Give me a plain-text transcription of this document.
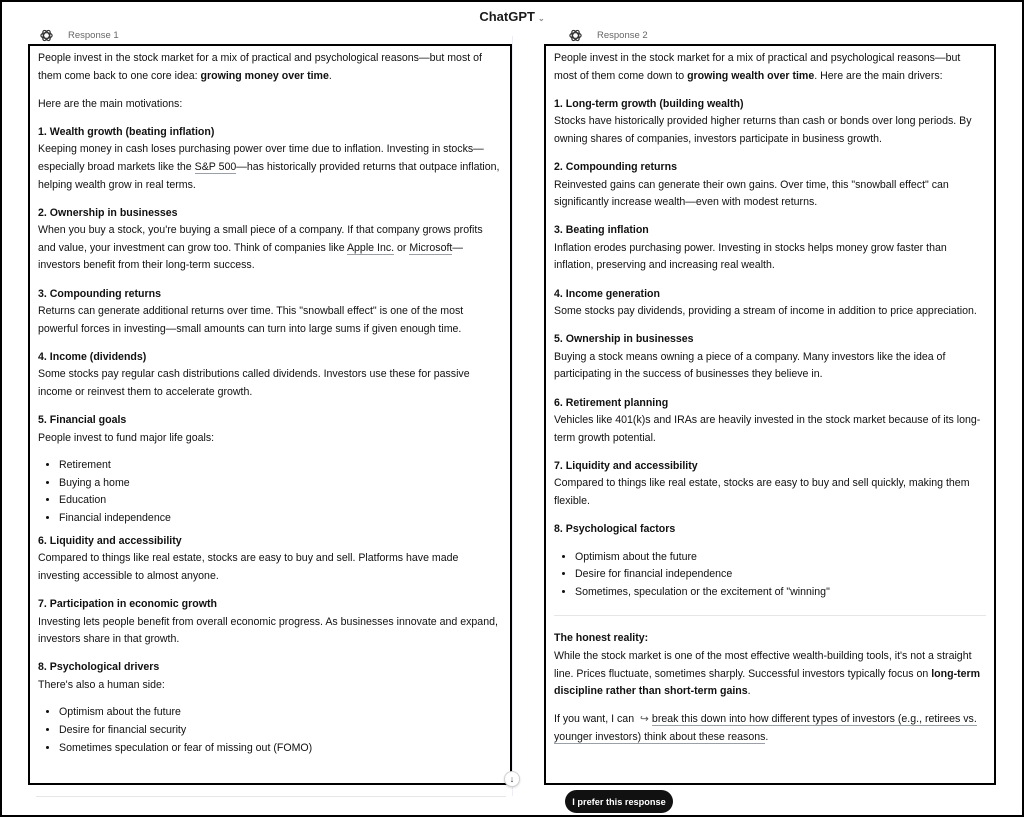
ChatGPT ⌄
Response 1	Response 2

People invest in the stock market for a mix of practical and psychological reasons—but most of them come back to one core idea: growing money over time.

Here are the main motivations:

1. Wealth growth (beating inflation)
Keeping money in cash loses purchasing power over time due to inflation. Investing in stocks—especially broad markets like the S&P 500—has historically provided returns that outpace inflation, helping wealth grow in real terms.

2. Ownership in businesses
When you buy a stock, you're buying a small piece of a company. If that company grows profits and value, your investment can grow too. Think of companies like Apple Inc. or Microsoft—investors benefit from their long-term success.

3. Compounding returns
Returns can generate additional returns over time. This "snowball effect" is one of the most powerful forces in investing—small amounts can turn into large sums if given enough time.

4. Income (dividends)
Some stocks pay regular cash distributions called dividends. Investors use these for passive income or reinvest them to accelerate growth.

5. Financial goals
People invest to fund major life goals:

• Retirement
• Buying a home
• Education
• Financial independence

6. Liquidity and accessibility
Compared to things like real estate, stocks are easy to buy and sell. Platforms have made investing accessible to almost anyone.

7. Participation in economic growth
Investing lets people benefit from overall economic progress. As businesses innovate and expand, investors share in that growth.

8. Psychological drivers
There's also a human side:

• Optimism about the future
• Desire for financial security
• Sometimes speculation or fear of missing out (FOMO)

People invest in the stock market for a mix of practical and psychological reasons—but most of them come down to growing wealth over time. Here are the main drivers:

1. Long-term growth (building wealth)
Stocks have historically provided higher returns than cash or bonds over long periods. By owning shares of companies, investors participate in business growth.

2. Compounding returns
Reinvested gains can generate their own gains. Over time, this "snowball effect" can significantly increase wealth—even with modest returns.

3. Beating inflation
Inflation erodes purchasing power. Investing in stocks helps money grow faster than inflation, preserving and increasing real wealth.

4. Income generation
Some stocks pay dividends, providing a stream of income in addition to price appreciation.

5. Ownership in businesses
Buying a stock means owning a piece of a company. Many investors like the idea of participating in the success of businesses they believe in.

6. Retirement planning
Vehicles like 401(k)s and IRAs are heavily invested in the stock market because of its long-term growth potential.

7. Liquidity and accessibility
Compared to things like real estate, stocks are easy to buy and sell quickly, making them flexible.

8. Psychological factors

• Optimism about the future
• Desire for financial independence
• Sometimes, speculation or the excitement of "winning"

The honest reality:
While the stock market is one of the most effective wealth-building tools, it's not a straight line. Prices fluctuate, sometimes sharply. Successful investors typically focus on long-term discipline rather than short-term gains.

If you want, I can ↪ break this down into how different types of investors (e.g., retirees vs. younger investors) think about these reasons.

↓
I prefer this response
